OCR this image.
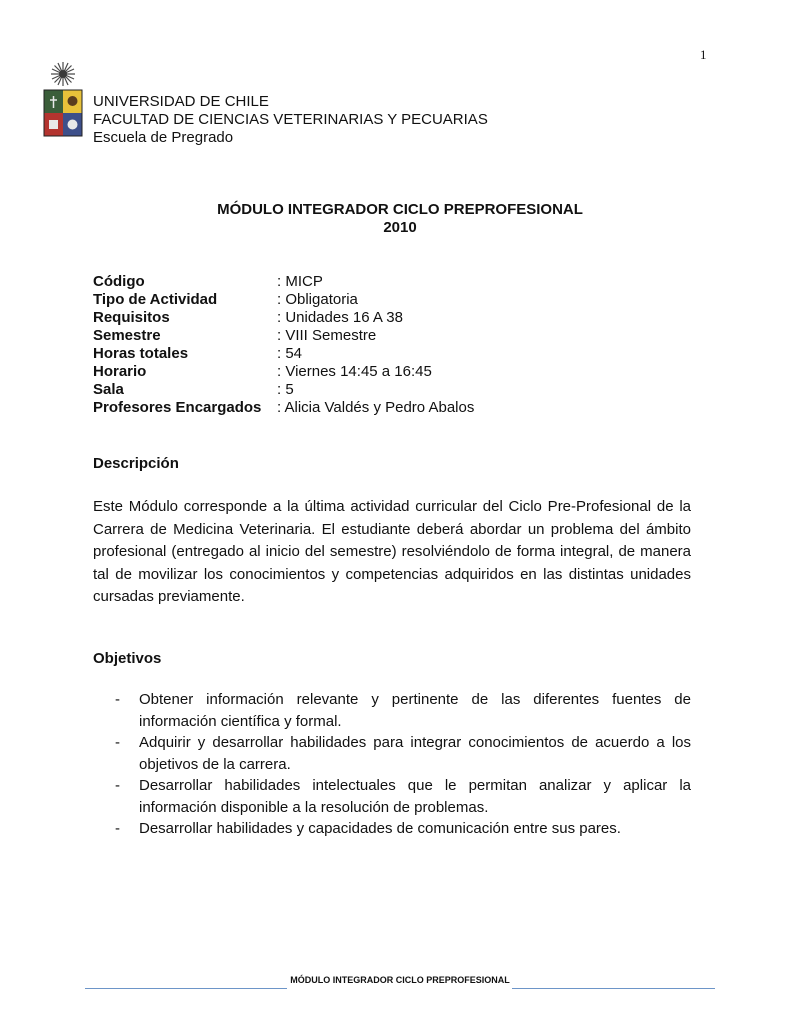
1
UNIVERSIDAD DE CHILE
FACULTAD DE CIENCIAS VETERINARIAS Y PECUARIAS
Escuela de Pregrado
MÓDULO INTEGRADOR CICLO PREPROFESIONAL
2010
Código	: MICP
Tipo de Actividad	: Obligatoria
Requisitos	: Unidades 16 A 38
Semestre	: VIII Semestre
Horas totales	: 54
Horario	: Viernes 14:45 a 16:45
Sala	: 5
Profesores Encargados	: Alicia Valdés y Pedro Abalos
Descripción

Este Módulo corresponde a la última actividad curricular del Ciclo Pre-Profesional de la Carrera de Medicina Veterinaria. El estudiante deberá abordar un problema del ámbito profesional (entregado al inicio del semestre) resolviéndolo de forma integral, de manera tal de movilizar los conocimientos y competencias adquiridos en las distintas unidades cursadas previamente.

Objetivos
- Obtener información relevante y pertinente de las diferentes fuentes de información científica y formal.
- Adquirir y desarrollar habilidades para integrar conocimientos de acuerdo a los objetivos de la carrera.
- Desarrollar habilidades intelectuales que le permitan analizar y aplicar la información disponible a la resolución de problemas.
- Desarrollar habilidades y capacidades de comunicación entre sus pares.
MÓDULO INTEGRADOR CICLO PREPROFESIONAL
